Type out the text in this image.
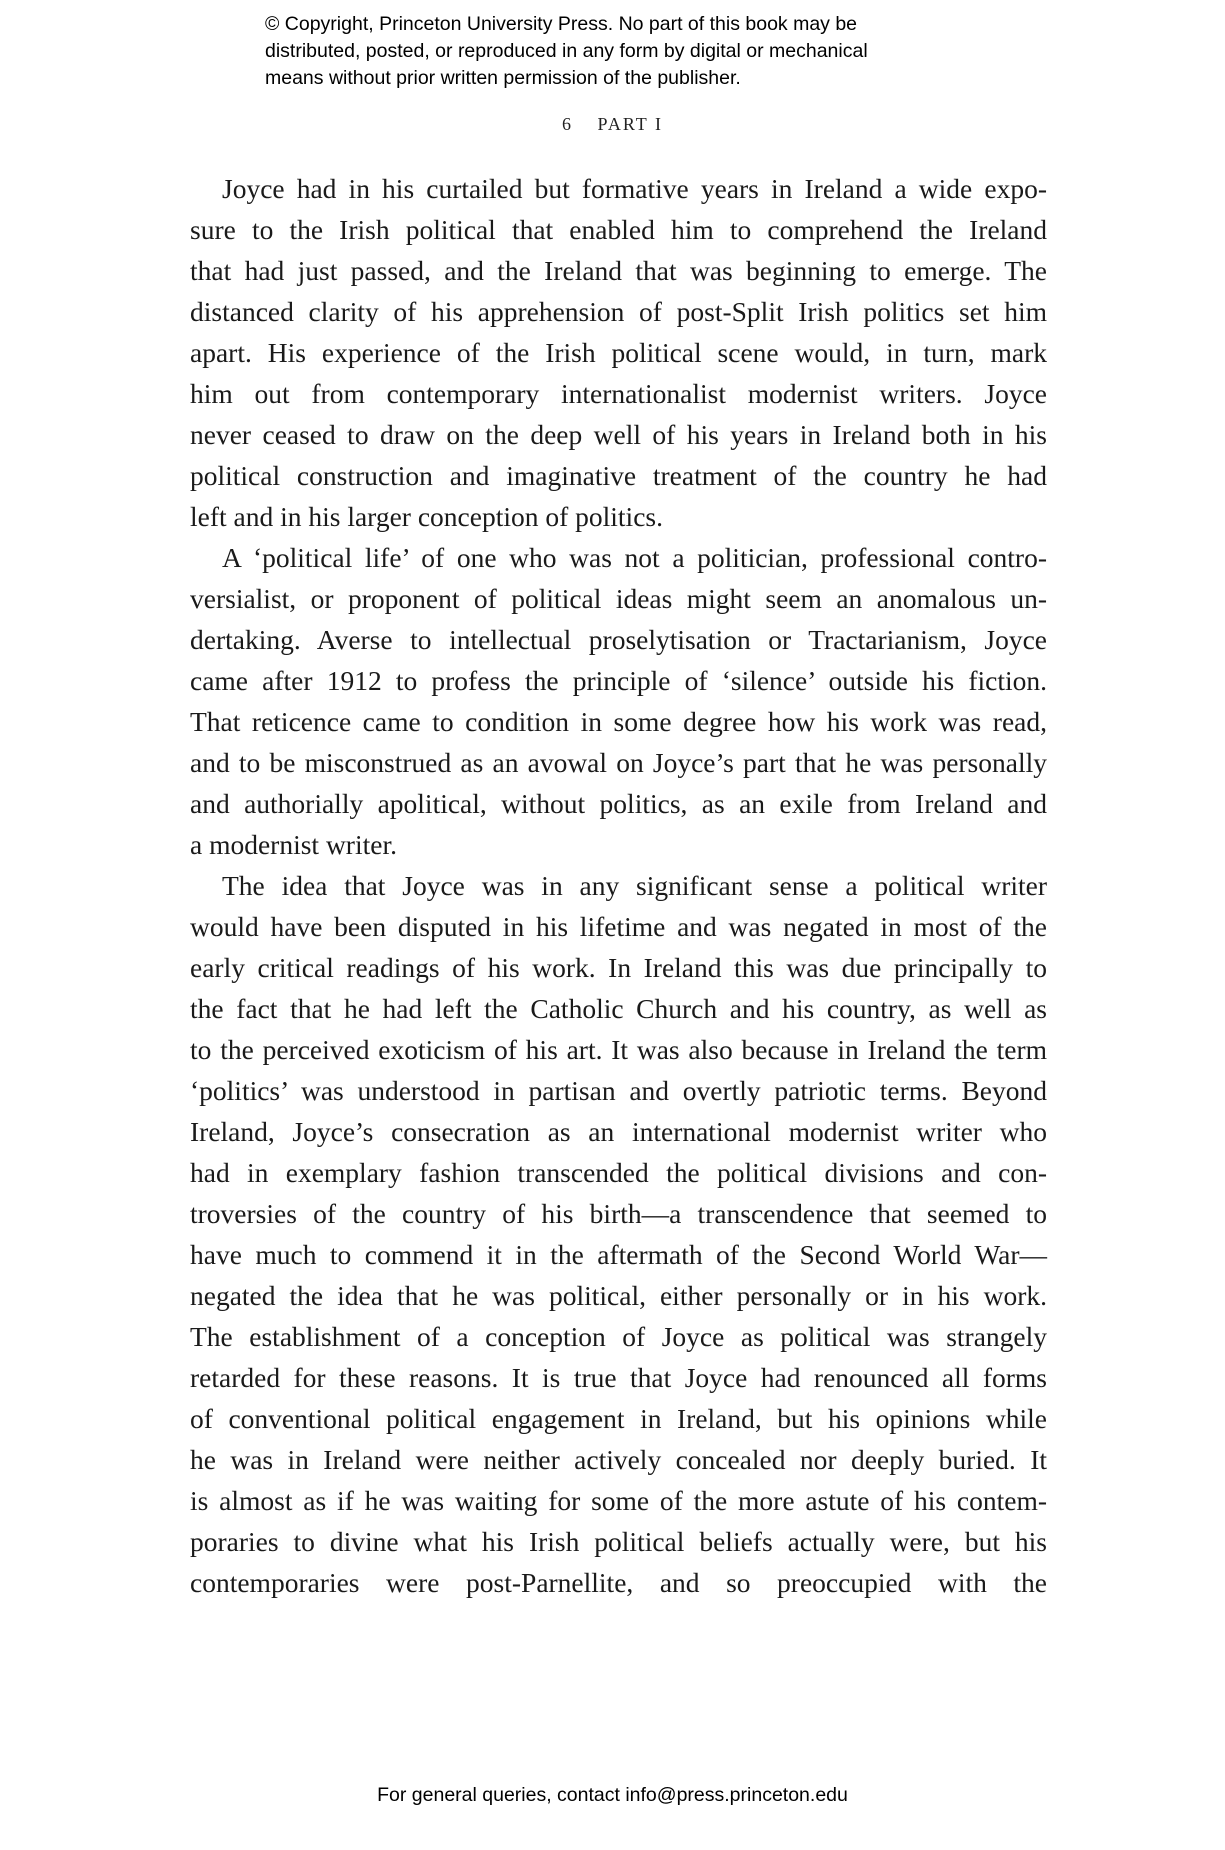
© Copyright, Princeton University Press. No part of this book may be
distributed, posted, or reproduced in any form by digital or mechanical
means without prior written permission of the publisher.
6 PART I
Joyce had in his curtailed but formative years in Ireland a wide expo-
sure to the Irish political that enabled him to comprehend the Ireland
that had just passed, and the Ireland that was beginning to emerge. The
distanced clarity of his apprehension of post-Split Irish politics set him
apart. His experience of the Irish political scene would, in turn, mark
him out from contemporary internationalist modernist writers. Joyce
never ceased to draw on the deep well of his years in Ireland both in his
political construction and imaginative treatment of the country he had
left and in his larger conception of politics.
A ‘political life’ of one who was not a politician, professional contro-
versialist, or proponent of political ideas might seem an anomalous un-
dertaking. Averse to intellectual proselytisation or Tractarianism, Joyce
came after 1912 to profess the principle of ‘silence’ outside his fiction.
That reticence came to condition in some degree how his work was read,
and to be misconstrued as an avowal on Joyce’s part that he was personally
and authorially apolitical, without politics, as an exile from Ireland and
a modernist writer.
The idea that Joyce was in any significant sense a political writer
would have been disputed in his lifetime and was negated in most of the
early critical readings of his work. In Ireland this was due principally to
the fact that he had left the Catholic Church and his country, as well as
to the perceived exoticism of his art. It was also because in Ireland the term
‘politics’ was understood in partisan and overtly patriotic terms. Beyond
Ireland, Joyce’s consecration as an international modernist writer who
had in exemplary fashion transcended the political divisions and con-
troversies of the country of his birth—a transcendence that seemed to
have much to commend it in the aftermath of the Second World War—
negated the idea that he was political, either personally or in his work.
The establishment of a conception of Joyce as political was strangely
retarded for these reasons. It is true that Joyce had renounced all forms
of conventional political engagement in Ireland, but his opinions while
he was in Ireland were neither actively concealed nor deeply buried. It
is almost as if he was waiting for some of the more astute of his contem-
poraries to divine what his Irish political beliefs actually were, but his
contemporaries were post-Parnellite, and so preoccupied with the
For general queries, contact info@press.princeton.edu
